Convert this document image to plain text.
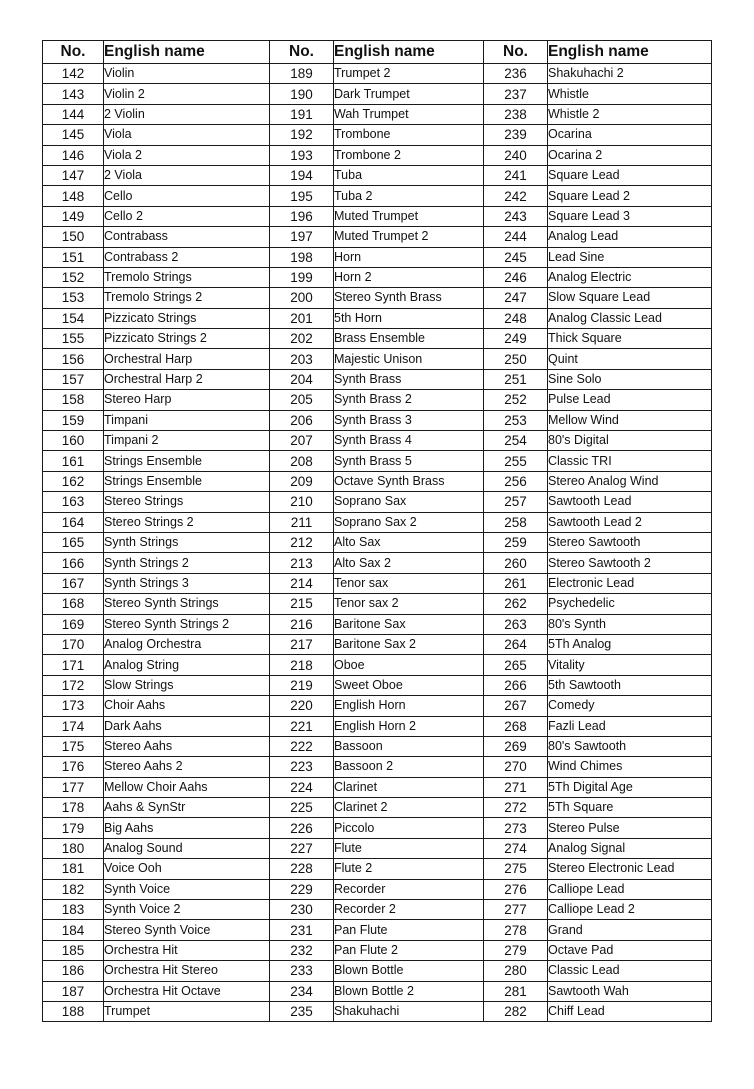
No.	English name	No.	English name	No.	English name
142	Violin	189	Trumpet 2	236	Shakuhachi 2
143	Violin 2	190	Dark Trumpet	237	Whistle
144	2 Violin	191	Wah Trumpet	238	Whistle 2
145	Viola	192	Trombone	239	Ocarina
146	Viola 2	193	Trombone 2	240	Ocarina 2
147	2 Viola	194	Tuba	241	Square Lead
148	Cello	195	Tuba 2	242	Square Lead 2
149	Cello 2	196	Muted Trumpet	243	Square Lead 3
150	Contrabass	197	Muted Trumpet 2	244	Analog Lead
151	Contrabass 2	198	Horn	245	Lead Sine
152	Tremolo Strings	199	Horn 2	246	Analog Electric
153	Tremolo Strings 2	200	Stereo Synth Brass	247	Slow Square Lead
154	Pizzicato Strings	201	5th Horn	248	Analog Classic Lead
155	Pizzicato Strings 2	202	Brass Ensemble	249	Thick Square
156	Orchestral Harp	203	Majestic Unison	250	Quint
157	Orchestral Harp 2	204	Synth Brass	251	Sine Solo
158	Stereo Harp	205	Synth Brass 2	252	Pulse Lead
159	Timpani	206	Synth Brass 3	253	Mellow Wind
160	Timpani 2	207	Synth Brass 4	254	80's Digital
161	Strings Ensemble	208	Synth Brass 5	255	Classic TRI
162	Strings Ensemble	209	Octave Synth Brass	256	Stereo Analog Wind
163	Stereo Strings	210	Soprano Sax	257	Sawtooth Lead
164	Stereo Strings 2	211	Soprano Sax 2	258	Sawtooth Lead 2
165	Synth Strings	212	Alto Sax	259	Stereo Sawtooth
166	Synth Strings 2	213	Alto Sax 2	260	Stereo Sawtooth 2
167	Synth Strings 3	214	Tenor sax	261	Electronic Lead
168	Stereo Synth Strings	215	Tenor sax 2	262	Psychedelic
169	Stereo Synth Strings 2	216	Baritone Sax	263	80's Synth
170	Analog Orchestra	217	Baritone Sax 2	264	5Th Analog
171	Analog String	218	Oboe	265	Vitality
172	Slow Strings	219	Sweet Oboe	266	5th Sawtooth
173	Choir Aahs	220	English Horn	267	Comedy
174	Dark Aahs	221	English Horn 2	268	Fazli Lead
175	Stereo Aahs	222	Bassoon	269	80's Sawtooth
176	Stereo Aahs 2	223	Bassoon 2	270	Wind Chimes
177	Mellow Choir Aahs	224	Clarinet	271	5Th Digital Age
178	Aahs & SynStr	225	Clarinet 2	272	5Th Square
179	Big Aahs	226	Piccolo	273	Stereo Pulse
180	Analog Sound	227	Flute	274	Analog Signal
181	Voice Ooh	228	Flute 2	275	Stereo Electronic Lead
182	Synth Voice	229	Recorder	276	Calliope Lead
183	Synth Voice 2	230	Recorder 2	277	Calliope Lead 2
184	Stereo Synth Voice	231	Pan Flute	278	Grand
185	Orchestra Hit	232	Pan Flute 2	279	Octave Pad
186	Orchestra Hit Stereo	233	Blown Bottle	280	Classic Lead
187	Orchestra Hit Octave	234	Blown Bottle 2	281	Sawtooth Wah
188	Trumpet	235	Shakuhachi	282	Chiff Lead
